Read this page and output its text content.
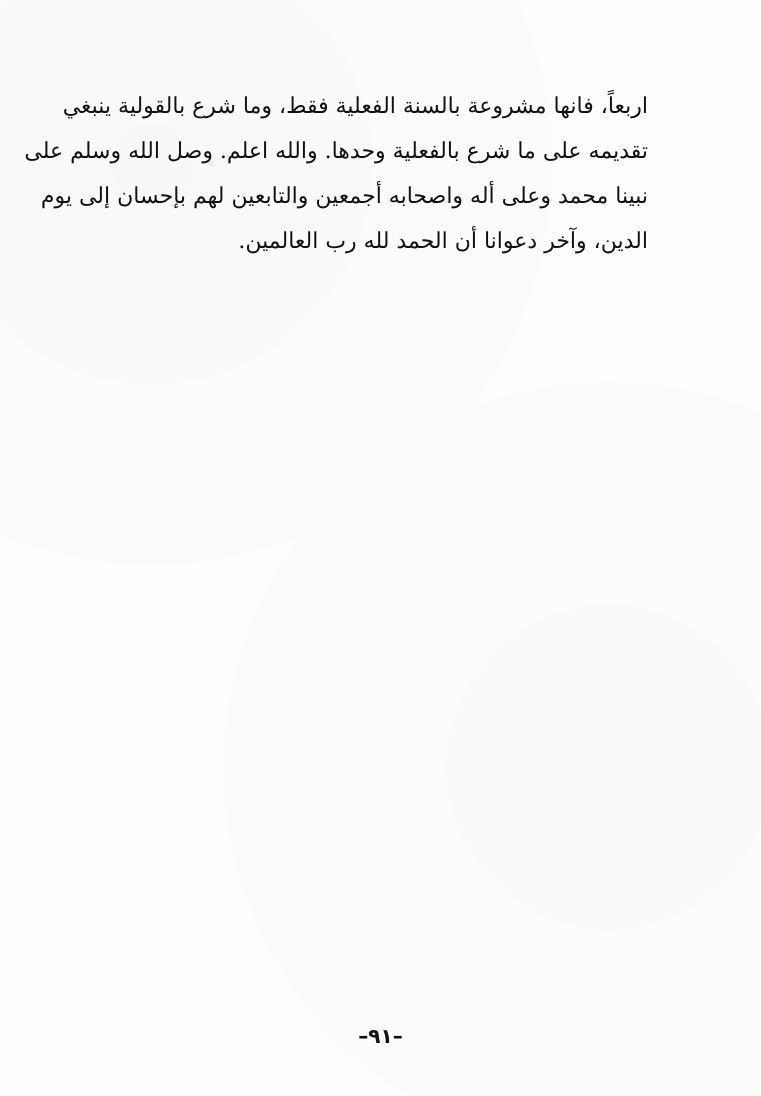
اربعاً، فانها مشروعة بالسنة الفعلية فقط، وما شرع بالقولية ينبغي
تقديمه على ما شرع بالفعلية وحدها. والله اعلم. وصل الله وسلم على
نبينا محمد وعلى أله واصحابه أجمعين والتابعين لهم بإحسان إلى يوم
الدين، وآخر دعوانا أن الحمد لله رب العالمين.
–٩١–
